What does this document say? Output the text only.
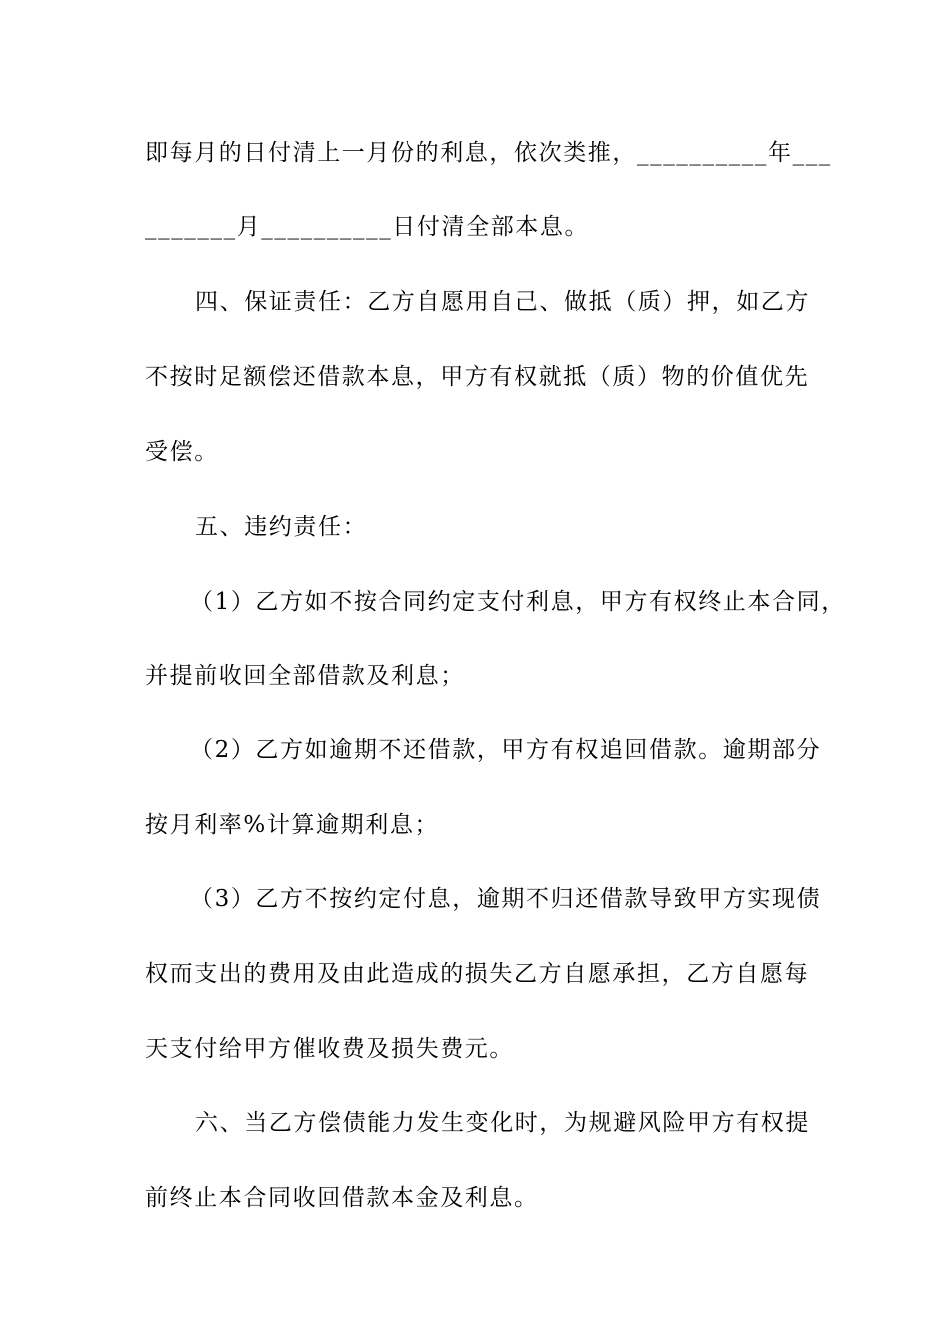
即每月的日付清上一月份的利息，依次类推，__________年___
_______月__________日付清全部本息。
四、保证责任：乙方自愿用自己、做抵（质）押，如乙方
不按时足额偿还借款本息，甲方有权就抵（质）物的价值优先
受偿。
五、违约责任：
（1）乙方如不按合同约定支付利息，甲方有权终止本合同，
并提前收回全部借款及利息；
（2）乙方如逾期不还借款，甲方有权追回借款。逾期部分
按月利率%计算逾期利息；
（3）乙方不按约定付息，逾期不归还借款导致甲方实现债
权而支出的费用及由此造成的损失乙方自愿承担，乙方自愿每
天支付给甲方催收费及损失费元。
六、当乙方偿债能力发生变化时，为规避风险甲方有权提
前终止本合同收回借款本金及利息。
